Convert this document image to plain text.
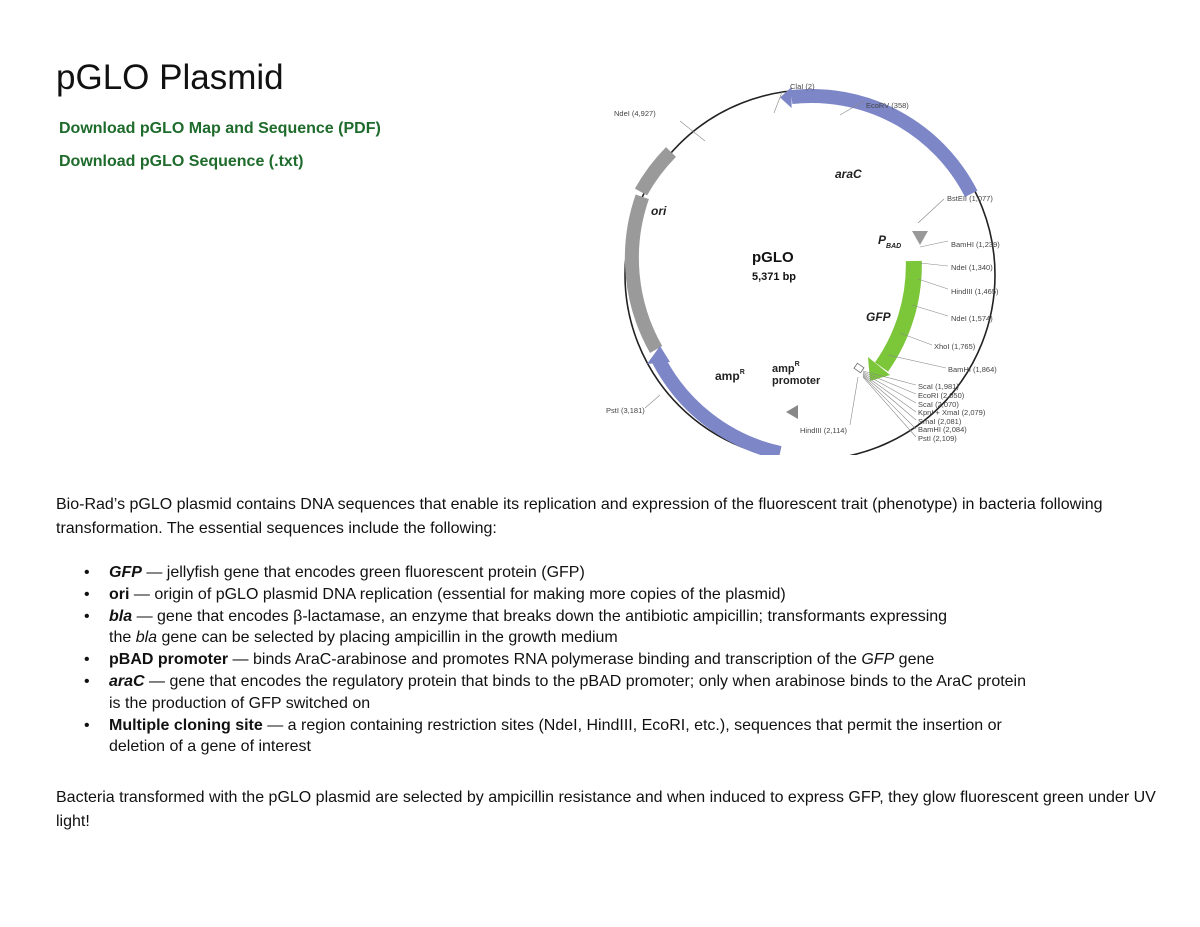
pGLO Plasmid
Download pGLO Map and Sequence (PDF)
Download pGLO Sequence (.txt)
pGLO
5,371 bp
araC
ori
$P_{BAD}$
GFP
amp$^R$ amp$^R$
promoter
ClaI (2)
EcoRV (358)
NdeI (4,927)
BstEII (1,077)
BamHI (1,239)
NdeI (1,340)
HindIII (1,465)
NdeI (1,574)
XhoI (1,765)
BamHI (1,864)
ScaI (1,981)
EcoRI (2,050)
ScaI (2,070)
KpnI + XmaI (2,079)
SmaI (2,081)
BamHI (2,084)
PstI (2,109)
HindIII (2,114)
PstI (3,181)

Bio-Rad’s pGLO plasmid contains DNA sequences that enable its replication and expression of the fluorescent trait (phenotype) in bacteria following transformation. The essential sequences include the following:

• GFP — jellyfish gene that encodes green fluorescent protein (GFP)
• ori — origin of pGLO plasmid DNA replication (essential for making more copies of the plasmid)
• bla — gene that encodes β-lactamase, an enzyme that breaks down the antibiotic ampicillin; transformants expressing
the bla gene can be selected by placing ampicillin in the growth medium
• pBAD promoter — binds AraC-arabinose and promotes RNA polymerase binding and transcription of the GFP gene
• araC — gene that encodes the regulatory protein that binds to the pBAD promoter; only when arabinose binds to the AraC protein
is the production of GFP switched on
• Multiple cloning site — a region containing restriction sites (NdeI, HindIII, EcoRI, etc.), sequences that permit the insertion or
deletion of a gene of interest

Bacteria transformed with the pGLO plasmid are selected by ampicillin resistance and when induced to express GFP, they glow fluorescent green under UV light!
